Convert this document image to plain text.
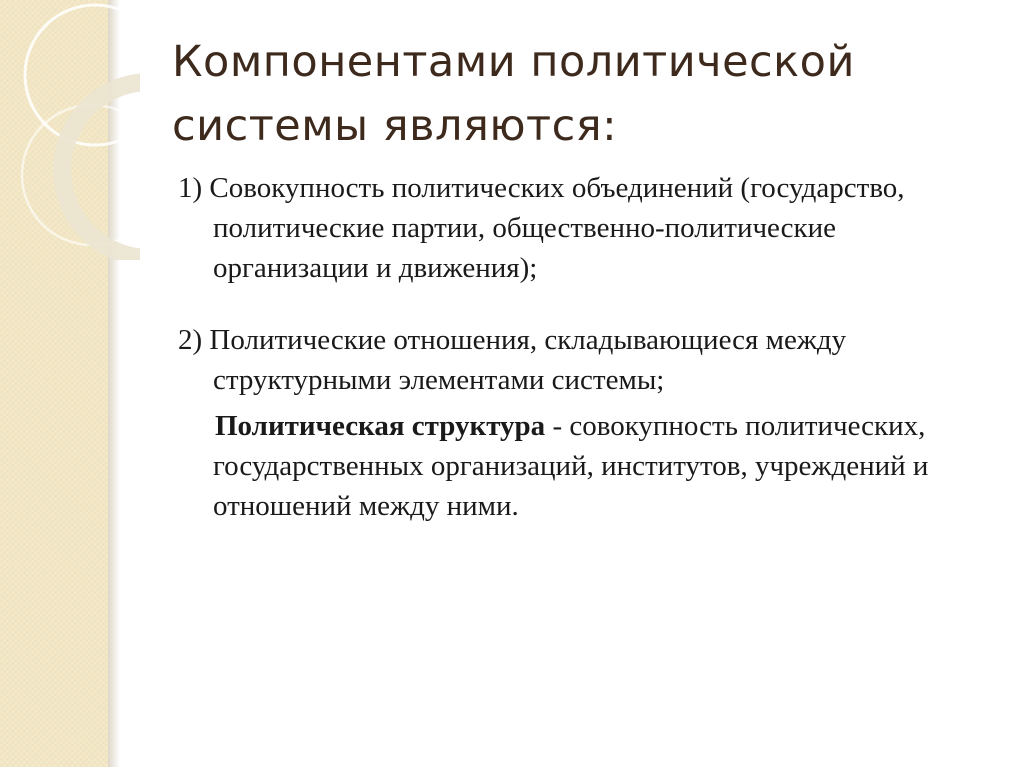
Компонентами политической системы являются:

1) Совокупность политических объединений (государство, политические партии, общественно-политические организации и движения);

2) Политические отношения, складывающиеся между структурными элементами системы;

Политическая структура - совокупность политических, государственных организаций, институтов, учреждений и отношений между ними.
